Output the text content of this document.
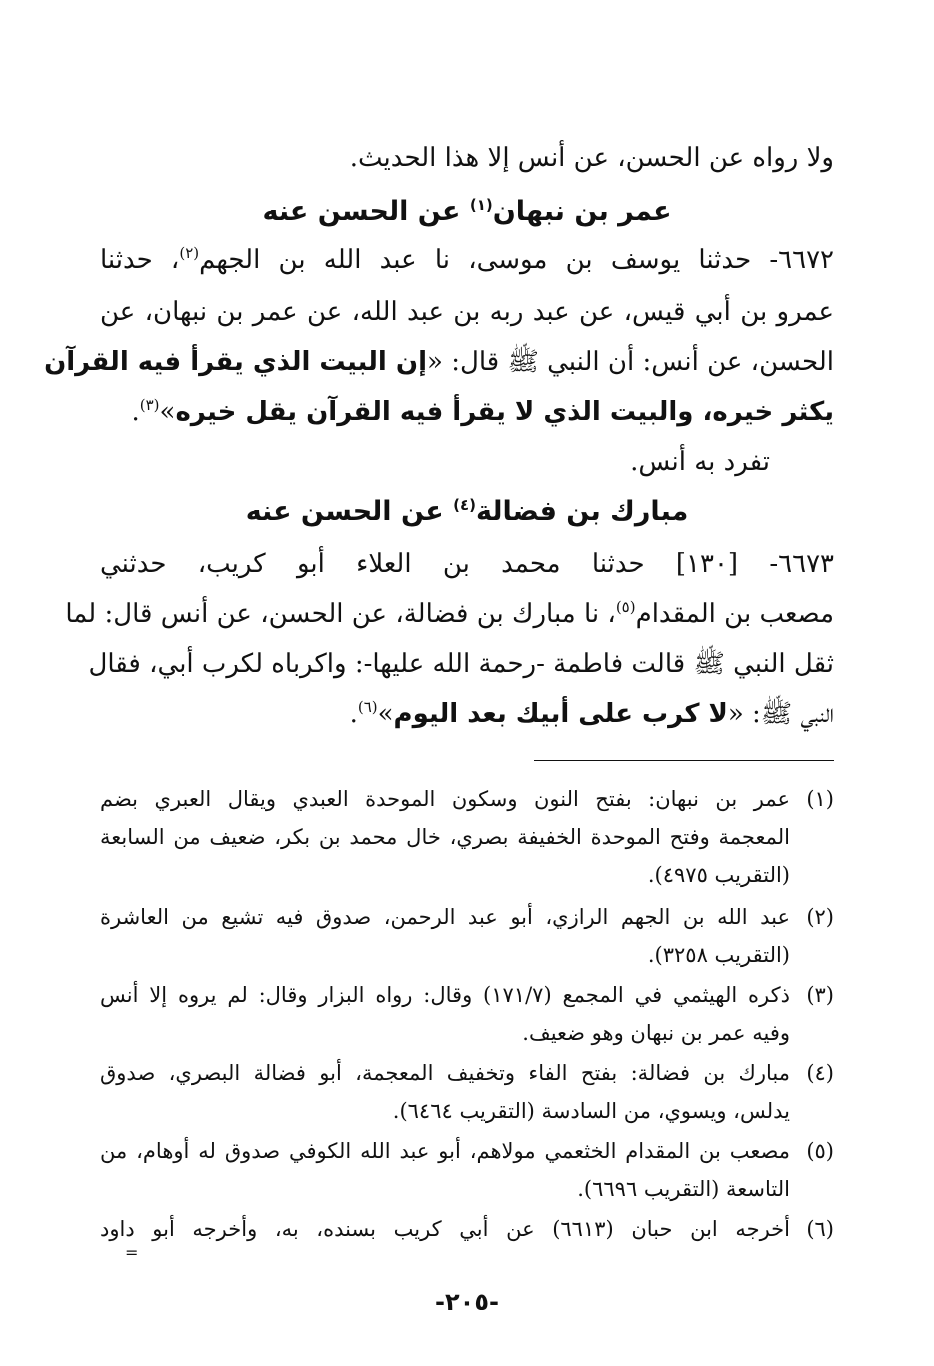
ولا رواه عن الحسن، عن أنس إلا هذا الحديث.
عمر بن نبهان$^{(١)}$ عن الحسن عنه
٦٦٧٢- حدثنا يوسف بن موسى، نا عبد الله بن الجهم$^{(٢)}$، حدثنا
عمرو بن أبي قيس، عن عبد ربه بن عبد الله، عن عمر بن نبهان، عن
الحسن، عن أنس: أن النبي ﷺ قال: «إن البيت الذي يقرأ فيه القرآن
يكثر خيره، والبيت الذي لا يقرأ فيه القرآن يقل خيره»$^{(٣)}$.
تفرد به أنس.
مبارك بن فضالة$^{(٤)}$ عن الحسن عنه
٦٦٧٣- [١٣٠] حدثنا محمد بن العلاء أبو كريب، حدثني
مصعب بن المقدام$^{(٥)}$، نا مبارك بن فضالة، عن الحسن، عن أنس قال: لما
ثقل النبي ﷺ قالت فاطمة -رحمة الله عليها-: واكرباه لكرب أبي، فقال
النبي ﷺ: «لا كرب على أبيك بعد اليوم»$^{(٦)}$.
(١)
عمر بن نبهان: بفتح النون وسكون الموحدة العبدي ويقال العبري بضم
المعجمة وفتح الموحدة الخفيفة بصري، خال محمد بن بكر، ضعيف من السابعة
(التقريب ٤٩٧٥).
(٢)
عبد الله بن الجهم الرازي، أبو عبد الرحمن، صدوق فيه تشيع من العاشرة
(التقريب ٣٢٥٨).
(٣)
ذكره الهيثمي في المجمع (١٧١/٧) وقال: رواه البزار وقال: لم يروه إلا أنس
وفيه عمر بن نبهان وهو ضعيف.
(٤)
مبارك بن فضالة: بفتح الفاء وتخفيف المعجمة، أبو فضالة البصري، صدوق
يدلس، ويسوي، من السادسة (التقريب ٦٤٦٤).
(٥)
مصعب بن المقدام الخثعمي مولاهم، أبو عبد الله الكوفي صدوق له أوهام، من
التاسعة (التقريب ٦٦٩٦).
(٦)
أخرجه ابن حبان (٦٦١٣) عن أبي كريب بسنده، به، وأخرجه أبو داود
=
-٢٠٥-
